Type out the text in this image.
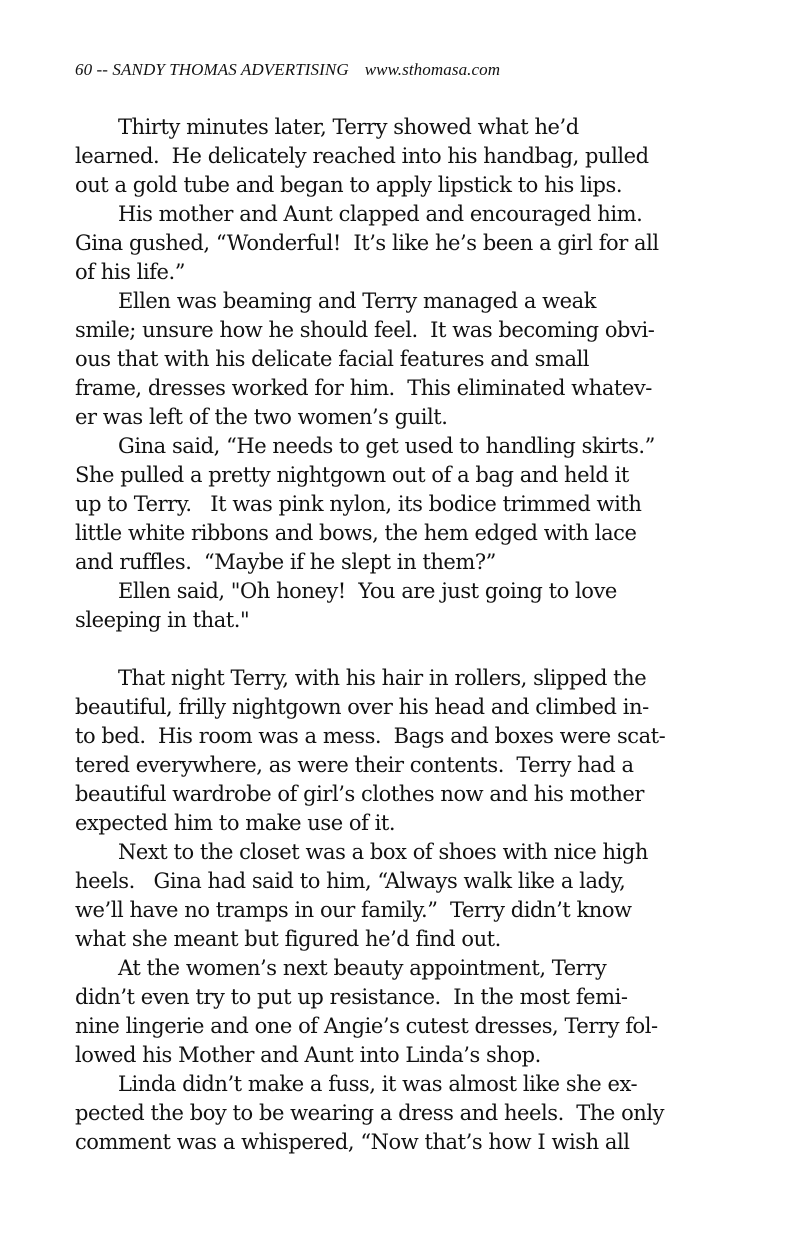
60 -- SANDY THOMAS ADVERTISING www.sthomasa.com
Thirty minutes later, Terry showed what he’d
learned.  He delicately reached into his handbag, pulled
out a gold tube and began to apply lipstick to his lips.
His mother and Aunt clapped and encouraged him.
Gina gushed, “Wonderful!  It’s like he’s been a girl for all
of his life.”
Ellen was beaming and Terry managed a weak
smile; unsure how he should feel.  It was becoming obvi-
ous that with his delicate facial features and small
frame, dresses worked for him.  This eliminated whatev-
er was left of the two women’s guilt.
Gina said, “He needs to get used to handling skirts.”
She pulled a pretty nightgown out of a bag and held it
up to Terry.   It was pink nylon, its bodice trimmed with
little white ribbons and bows, the hem edged with lace
and ruffles.  “Maybe if he slept in them?”
Ellen said, "Oh honey!  You are just going to love
sleeping in that."
That night Terry, with his hair in rollers, slipped the
beautiful, frilly nightgown over his head and climbed in-
to bed.  His room was a mess.  Bags and boxes were scat-
tered everywhere, as were their contents.  Terry had a
beautiful wardrobe of girl’s clothes now and his mother
expected him to make use of it.
Next to the closet was a box of shoes with nice high
heels.   Gina had said to him, “Always walk like a lady,
we’ll have no tramps in our family.”  Terry didn’t know
what she meant but figured he’d find out.
At the women’s next beauty appointment, Terry
didn’t even try to put up resistance.  In the most femi-
nine lingerie and one of Angie’s cutest dresses, Terry fol-
lowed his Mother and Aunt into Linda’s shop.
Linda didn’t make a fuss, it was almost like she ex-
pected the boy to be wearing a dress and heels.  The only
comment was a whispered, “Now that’s how I wish all
